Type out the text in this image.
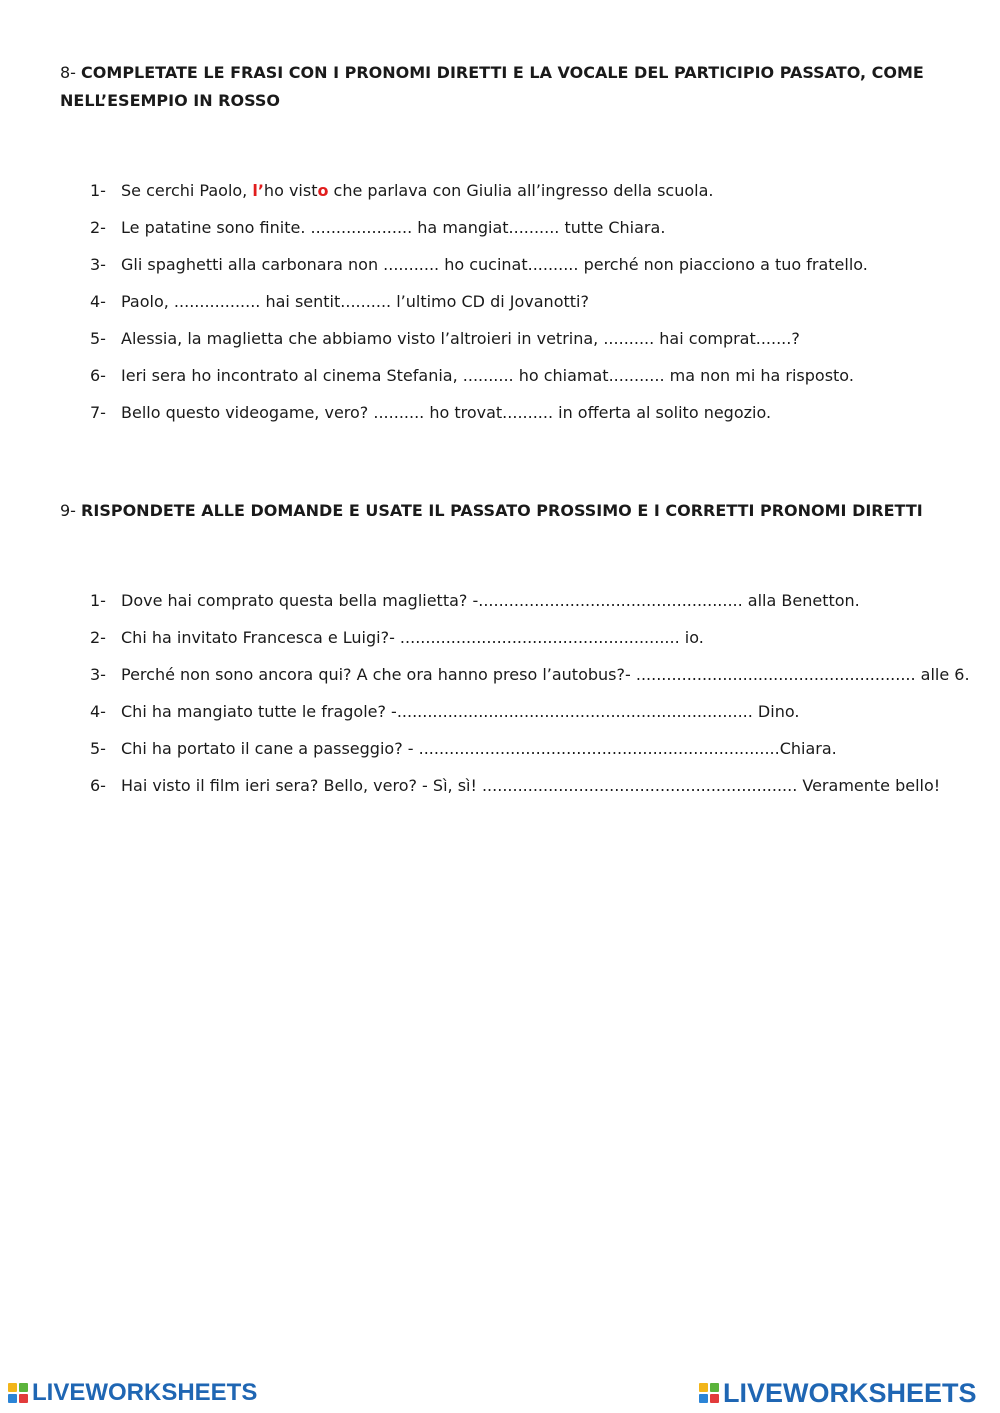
8- COMPLETATE LE FRASI CON I PRONOMI DIRETTI E LA VOCALE DEL PARTICIPIO PASSATO, COME NELL’ESEMPIO IN ROSSO
1- Se cerchi Paolo, l’ho visto che parlava con Giulia all’ingresso della scuola.
2- Le patatine sono finite. .................... ha mangiat.......... tutte Chiara.
3- Gli spaghetti alla carbonara non ........... ho cucinat.......... perché non piacciono a tuo fratello.
4- Paolo, ................. hai sentit.......... l’ultimo CD di Jovanotti?
5- Alessia, la maglietta che abbiamo visto l’altroieri in vetrina, .......... hai comprat.......?
6- Ieri sera ho incontrato al cinema Stefania, .......... ho chiamat........... ma non mi ha risposto.
7- Bello questo videogame, vero? .......... ho trovat.......... in offerta al solito negozio.
9- RISPONDETE ALLE DOMANDE E USATE IL PASSATO PROSSIMO E I CORRETTI PRONOMI DIRETTI
1- Dove hai comprato questa bella maglietta? -.................................................... alla Benetton.
2- Chi ha invitato Francesca e Luigi?- ....................................................... io.
3- Perché non sono ancora qui? A che ora hanno preso l’autobus?- ....................................................... alle 6.
4- Chi ha mangiato tutte le fragole? -...................................................................... Dino.
5- Chi ha portato il cane a passeggio? - .......................................................................Chiara.
6- Hai visto il film ieri sera? Bello, vero? - Sì, sì! .............................................................. Veramente bello!
LIVEWORKSHEETS	LIVEWORKSHEETS
